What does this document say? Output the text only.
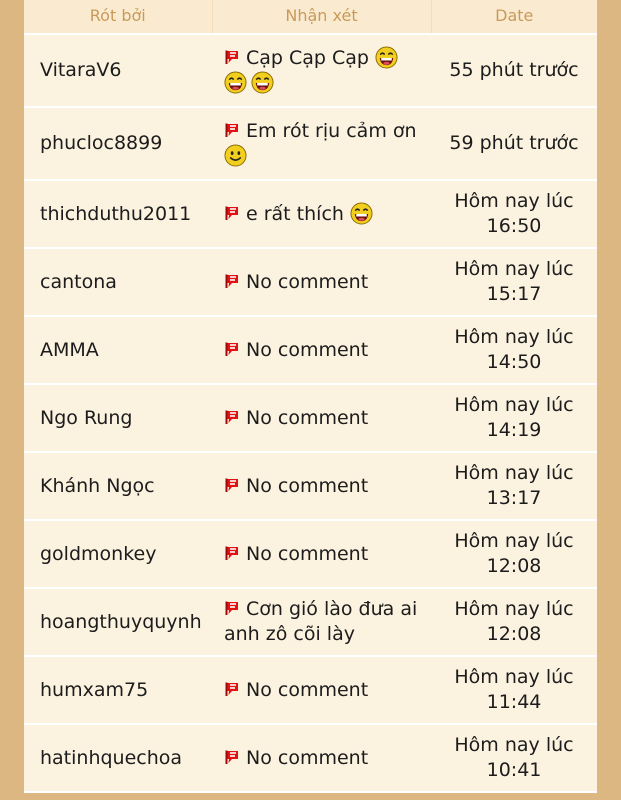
Rót bởi	Nhận xét	Date
VitaraV6	Cạp Cạp Cạp	55 phút trước
phucloc8899	Em rót rịu cảm ơn	59 phút trước
thichduthu2011	e rất thích	Hôm nay lúc 16:50
cantona	No comment	Hôm nay lúc 15:17
AMMA	No comment	Hôm nay lúc 14:50
Ngo Rung	No comment	Hôm nay lúc 14:19
Khánh Ngọc	No comment	Hôm nay lúc 13:17
goldmonkey	No comment	Hôm nay lúc 12:08
hoangthuyquynh	Cơn gió lào đưa ai anh zô cõi lày	Hôm nay lúc 12:08
humxam75	No comment	Hôm nay lúc 11:44
hatinhquechoa	No comment	Hôm nay lúc 10:41
